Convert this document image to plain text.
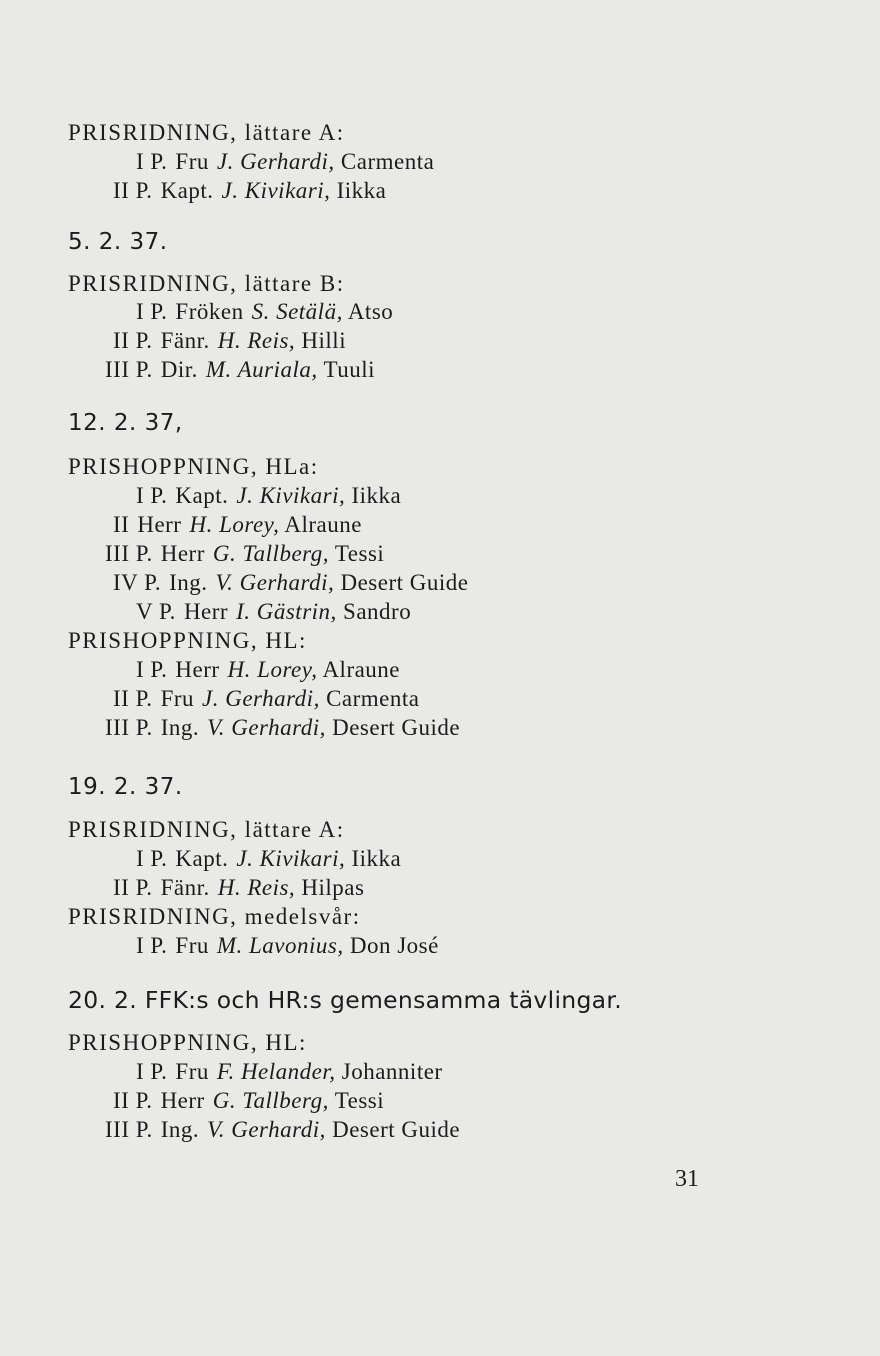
PRISRIDNING, lättare A:
I P. Fru J. Gerhardi, Carmenta
II P. Kapt. J. Kivikari, Iikka
5. 2. 37.
PRISRIDNING, lättare B:
I P. Fröken S. Setälä, Atso
II P. Fänr. H. Reis, Hilli
III P. Dir. M. Auriala, Tuuli
12. 2. 37,
PRISHOPPNING, HLa:
I P. Kapt. J. Kivikari, Iikka
II Herr H. Lorey, Alraune
III P. Herr G. Tallberg, Tessi
IV P. Ing. V. Gerhardi, Desert Guide
V P. Herr I. Gästrin, Sandro
PRISHOPPNING, HL:
I P. Herr H. Lorey, Alraune
II P. Fru J. Gerhardi, Carmenta
III P. Ing. V. Gerhardi, Desert Guide
19. 2. 37.
PRISRIDNING, lättare A:
I P. Kapt. J. Kivikari, Iikka
II P. Fänr. H. Reis, Hilpas
PRISRIDNING, medelsvår:
I P. Fru M. Lavonius, Don José
20. 2. FFK:s och HR:s gemensamma tävlingar.
PRISHOPPNING, HL:
I P. Fru F. Helander, Johanniter
II P. Herr G. Tallberg, Tessi
III P. Ing. V. Gerhardi, Desert Guide
31
